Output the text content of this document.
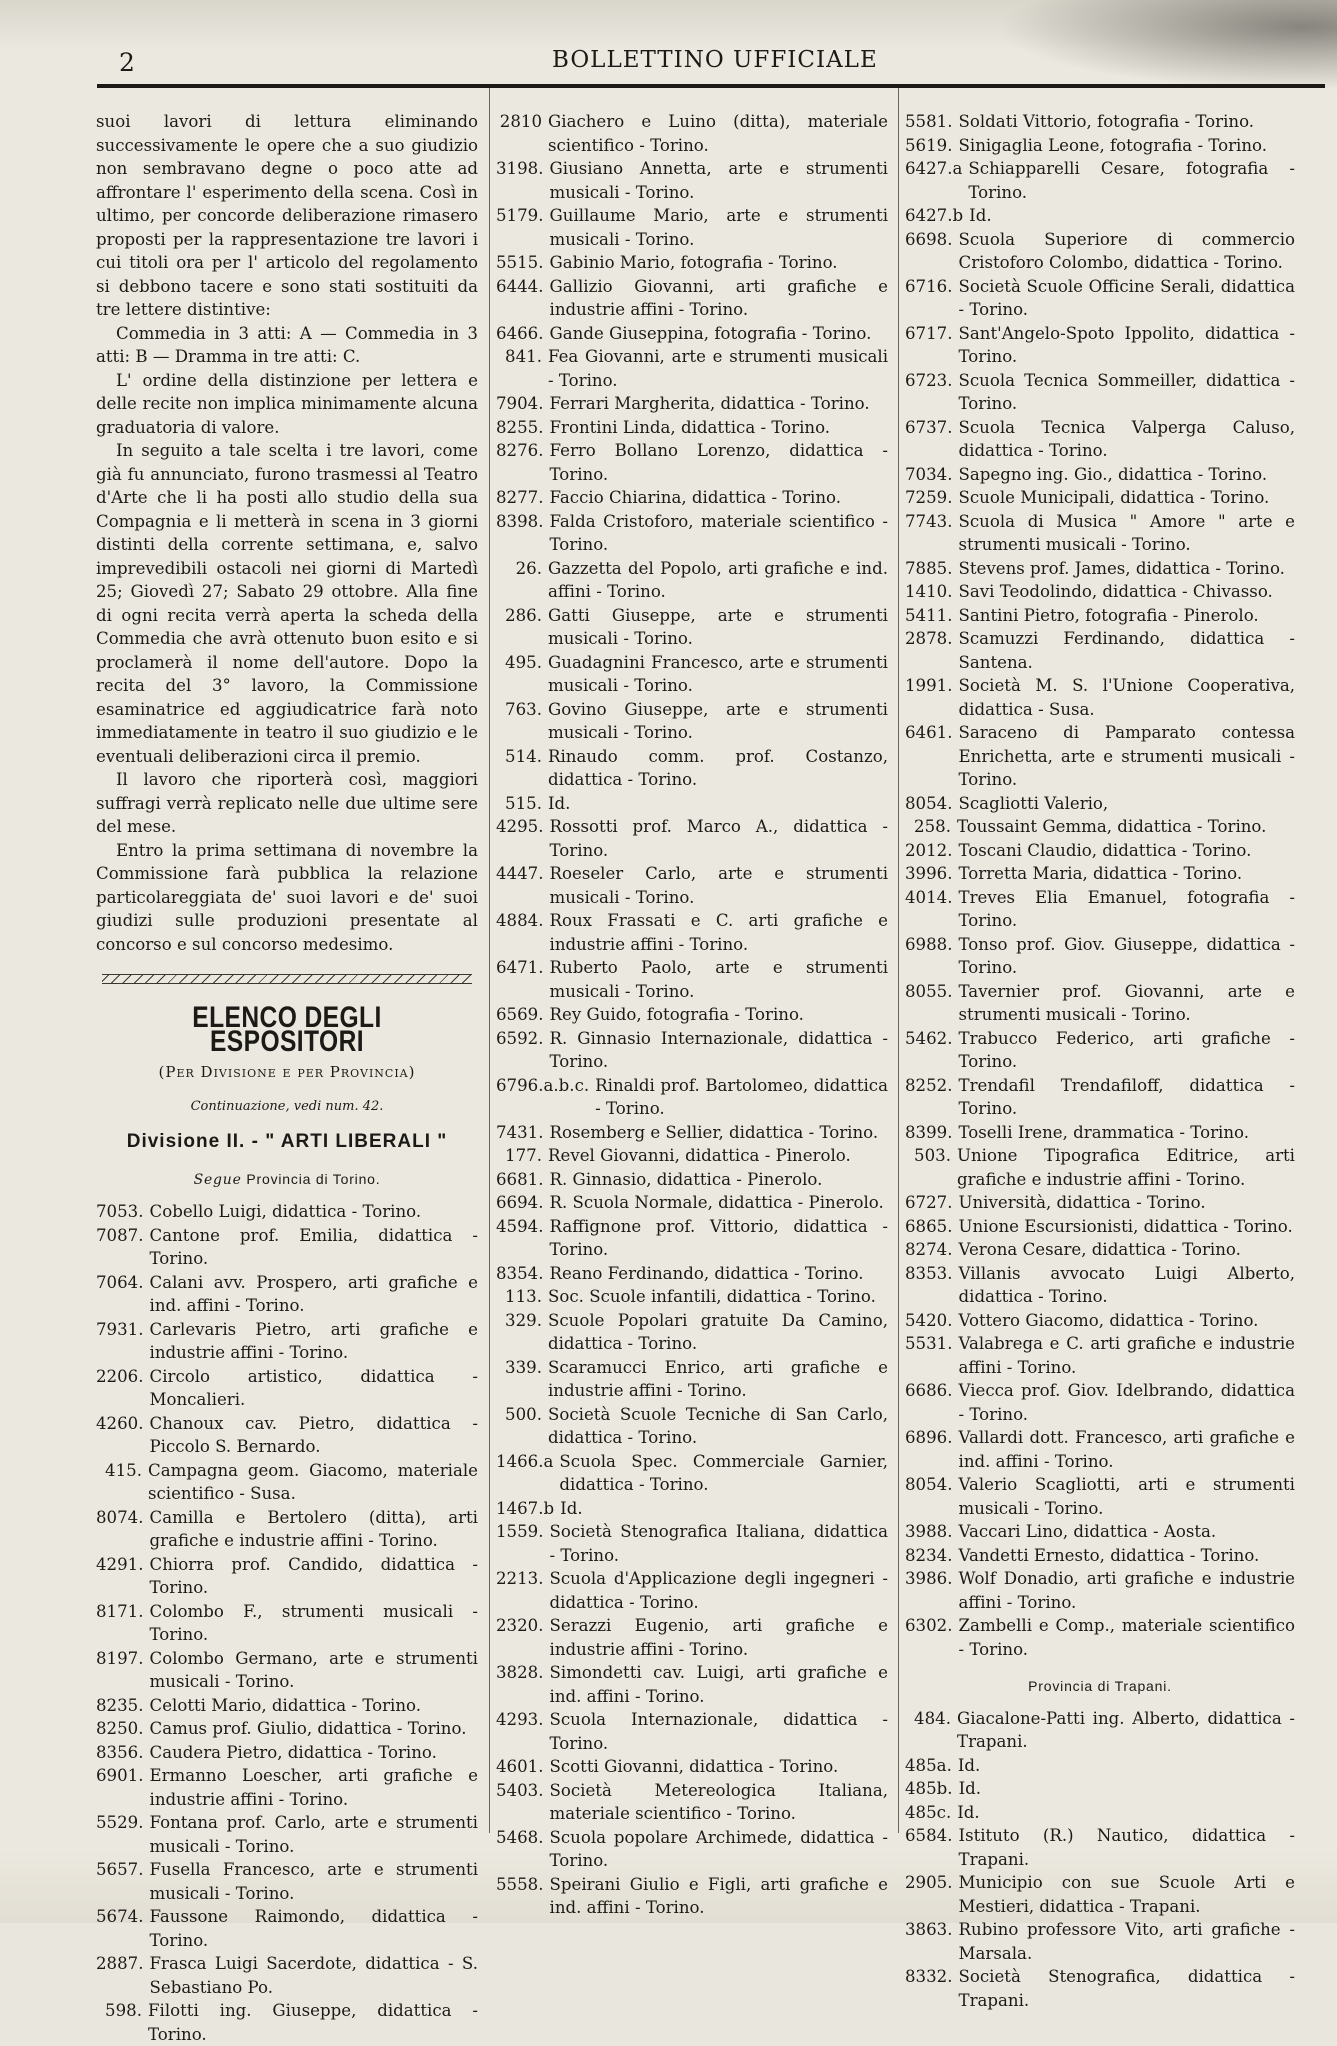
2	BOLLETTINO UFFICIALE

suoi lavori di lettura eliminando successivamente le opere che a suo giudizio non sembravano degne o poco atte ad affrontare l' esperimento della scena. Così in ultimo, per concorde deliberazione rimasero proposti per la rappresentazione tre lavori i cui titoli ora per l' articolo del regolamento si debbono tacere e sono stati sostituiti da tre lettere distintive:

Commedia in 3 atti: A — Commedia in 3 atti: B — Dramma in tre atti: C.

L' ordine della distinzione per lettera e delle recite non implica minimamente alcuna graduatoria di valore.

In seguito a tale scelta i tre lavori, come già fu annunciato, furono trasmessi al Teatro d'Arte che li ha posti allo studio della sua Compagnia e li metterà in scena in 3 giorni distinti della corrente settimana, e, salvo imprevedibili ostacoli nei giorni di Martedì 25; Giovedì 27; Sabato 29 ottobre. Alla fine di ogni recita verrà aperta la scheda della Commedia che avrà ottenuto buon esito e si proclamerà il nome dell'autore. Dopo la recita del 3° lavoro, la Commissione esaminatrice ed aggiudicatrice farà noto immediatamente in teatro il suo giudizio e le eventuali deliberazioni circa il premio.

Il lavoro che riporterà così, maggiori suffragi verrà replicato nelle due ultime sere del mese.

Entro la prima settimana di novembre la Commissione farà pubblica la relazione particolareggiata de' suoi lavori e de' suoi giudizi sulle produzioni presentate al concorso e sul concorso medesimo.

ELENCO DEGLI ESPOSITORI
(Per Divisione e per Provincia)
Continuazione, vedi num. 42.
Divisione II. - " ARTI LIBERALI "
Segue Provincia di Torino.
7053. Cobello Luigi, didattica - Torino.
7087. Cantone prof. Emilia, didattica - Torino.
7064. Calani avv. Prospero, arti grafiche e ind. affini - Torino.
7931. Carlevaris Pietro, arti grafiche e industrie affini - Torino.
2206. Circolo artistico, didattica - Moncalieri.
4260. Chanoux cav. Pietro, didattica - Piccolo S. Bernardo.
415. Campagna geom. Giacomo, materiale scientifico - Susa.
8074. Camilla e Bertolero (ditta), arti grafiche e industrie affini - Torino.
4291. Chiorra prof. Candido, didattica - Torino.
8171. Colombo F., strumenti musicali - Torino.
8197. Colombo Germano, arte e strumenti musicali - Torino.
8235. Celotti Mario, didattica - Torino.
8250. Camus prof. Giulio, didattica - Torino.
8356. Caudera Pietro, didattica - Torino.
6901. Ermanno Loescher, arti grafiche e industrie affini - Torino.
5529. Fontana prof. Carlo, arte e strumenti musicali - Torino.
5657. Fusella Francesco, arte e strumenti musicali - Torino.
5674. Faussone Raimondo, didattica - Torino.
2887. Frasca Luigi Sacerdote, didattica - S. Sebastiano Po.
598. Filotti ing. Giuseppe, didattica - Torino.
2810 Giachero e Luino (ditta), materiale scientifico - Torino.
3198. Giusiano Annetta, arte e strumenti musicali - Torino.
5179. Guillaume Mario, arte e strumenti musicali - Torino.
5515. Gabinio Mario, fotografia - Torino.
6444. Gallizio Giovanni, arti grafiche e industrie affini - Torino.
6466. Gande Giuseppina, fotografia - Torino.
841. Fea Giovanni, arte e strumenti musicali - Torino.
7904. Ferrari Margherita, didattica - Torino.
8255. Frontini Linda, didattica - Torino.
8276. Ferro Bollano Lorenzo, didattica - Torino.
8277. Faccio Chiarina, didattica - Torino.
8398. Falda Cristoforo, materiale scientifico - Torino.
26. Gazzetta del Popolo, arti grafiche e ind. affini - Torino.
286. Gatti Giuseppe, arte e strumenti musicali - Torino.
495. Guadagnini Francesco, arte e strumenti musicali - Torino.
763. Govino Giuseppe, arte e strumenti musicali - Torino.
514. Rinaudo comm. prof. Costanzo, didattica - Torino.
515. Id.
4295. Rossotti prof. Marco A., didattica - Torino.
4447. Roeseler Carlo, arte e strumenti musicali - Torino.
4884. Roux Frassati e C. arti grafiche e industrie affini - Torino.
6471. Ruberto Paolo, arte e strumenti musicali - Torino.
6569. Rey Guido, fotografia - Torino.
6592. R. Ginnasio Internazionale, didattica - Torino.
6796.a.b.c. Rinaldi prof. Bartolomeo, didattica - Torino.
7431. Rosemberg e Sellier, didattica - Torino.
177. Revel Giovanni, didattica - Pinerolo.
6681. R. Ginnasio, didattica - Pinerolo.
6694. R. Scuola Normale, didattica - Pinerolo.
4594. Raffignone prof. Vittorio, didattica - Torino.
8354. Reano Ferdinando, didattica - Torino.
113. Soc. Scuole infantili, didattica - Torino.
329. Scuole Popolari gratuite Da Camino, didattica - Torino.
339. Scaramucci Enrico, arti grafiche e industrie affini - Torino.
500. Società Scuole Tecniche di San Carlo, didattica - Torino.
1466.a Scuola Spec. Commerciale Garnier, didattica - Torino.
1467.b Id.
1559. Società Stenografica Italiana, didattica - Torino.
2213. Scuola d'Applicazione degli ingegneri - didattica - Torino.
2320. Serazzi Eugenio, arti grafiche e industrie affini - Torino.
3828. Simondetti cav. Luigi, arti grafiche e ind. affini - Torino.
4293. Scuola Internazionale, didattica - Torino.
4601. Scotti Giovanni, didattica - Torino.
5403. Società Metereologica Italiana, materiale scientifico - Torino.
5468. Scuola popolare Archimede, didattica - Torino.
5558. Speirani Giulio e Figli, arti grafiche e ind. affini - Torino.
5581. Soldati Vittorio, fotografia - Torino.
5619. Sinigaglia Leone, fotografia - Torino.
6427.a Schiapparelli Cesare, fotografia - Torino.
6427.b Id.
6698. Scuola Superiore di commercio Cristoforo Colombo, didattica - Torino.
6716. Società Scuole Officine Serali, didattica - Torino.
6717. Sant'Angelo-Spoto Ippolito, didattica - Torino.
6723. Scuola Tecnica Sommeiller, didattica - Torino.
6737. Scuola Tecnica Valperga Caluso, didattica - Torino.
7034. Sapegno ing. Gio., didattica - Torino.
7259. Scuole Municipali, didattica - Torino.
7743. Scuola di Musica " Amore " arte e strumenti musicali - Torino.
7885. Stevens prof. James, didattica - Torino.
1410. Savi Teodolindo, didattica - Chivasso.
5411. Santini Pietro, fotografia - Pinerolo.
2878. Scamuzzi Ferdinando, didattica - Santena.
1991. Società M. S. l'Unione Cooperativa, didattica - Susa.
6461. Saraceno di Pamparato contessa Enrichetta, arte e strumenti musicali - Torino.
8054. Scagliotti Valerio,
258. Toussaint Gemma, didattica - Torino.
2012. Toscani Claudio, didattica - Torino.
3996. Torretta Maria, didattica - Torino.
4014. Treves Elia Emanuel, fotografia - Torino.
6988. Tonso prof. Giov. Giuseppe, didattica - Torino.
8055. Tavernier prof. Giovanni, arte e strumenti musicali - Torino.
5462. Trabucco Federico, arti grafiche - Torino.
8252. Trendafil Trendafiloff, didattica - Torino.
8399. Toselli Irene, drammatica - Torino.
503. Unione Tipografica Editrice, arti grafiche e industrie affini - Torino.
6727. Università, didattica - Torino.
6865. Unione Escursionisti, didattica - Torino.
8274. Verona Cesare, didattica - Torino.
8353. Villanis avvocato Luigi Alberto, didattica - Torino.
5420. Vottero Giacomo, didattica - Torino.
5531. Valabrega e C. arti grafiche e industrie affini - Torino.
6686. Viecca prof. Giov. Idelbrando, didattica - Torino.
6896. Vallardi dott. Francesco, arti grafiche e ind. affini - Torino.
8054. Valerio Scagliotti, arti e strumenti musicali - Torino.
3988. Vaccari Lino, didattica - Aosta.
8234. Vandetti Ernesto, didattica - Torino.
3986. Wolf Donadio, arti grafiche e industrie affini - Torino.
6302. Zambelli e Comp., materiale scientifico - Torino.
Provincia di Trapani.
484. Giacalone-Patti ing. Alberto, didattica - Trapani.
485a. Id.
485b. Id.
485c. Id.
6584. Istituto (R.) Nautico, didattica - Trapani.
2905. Municipio con sue Scuole Arti e Mestieri, didattica - Trapani.
3863. Rubino professore Vito, arti grafiche - Marsala.
8332. Società Stenografica, didattica - Trapani.
